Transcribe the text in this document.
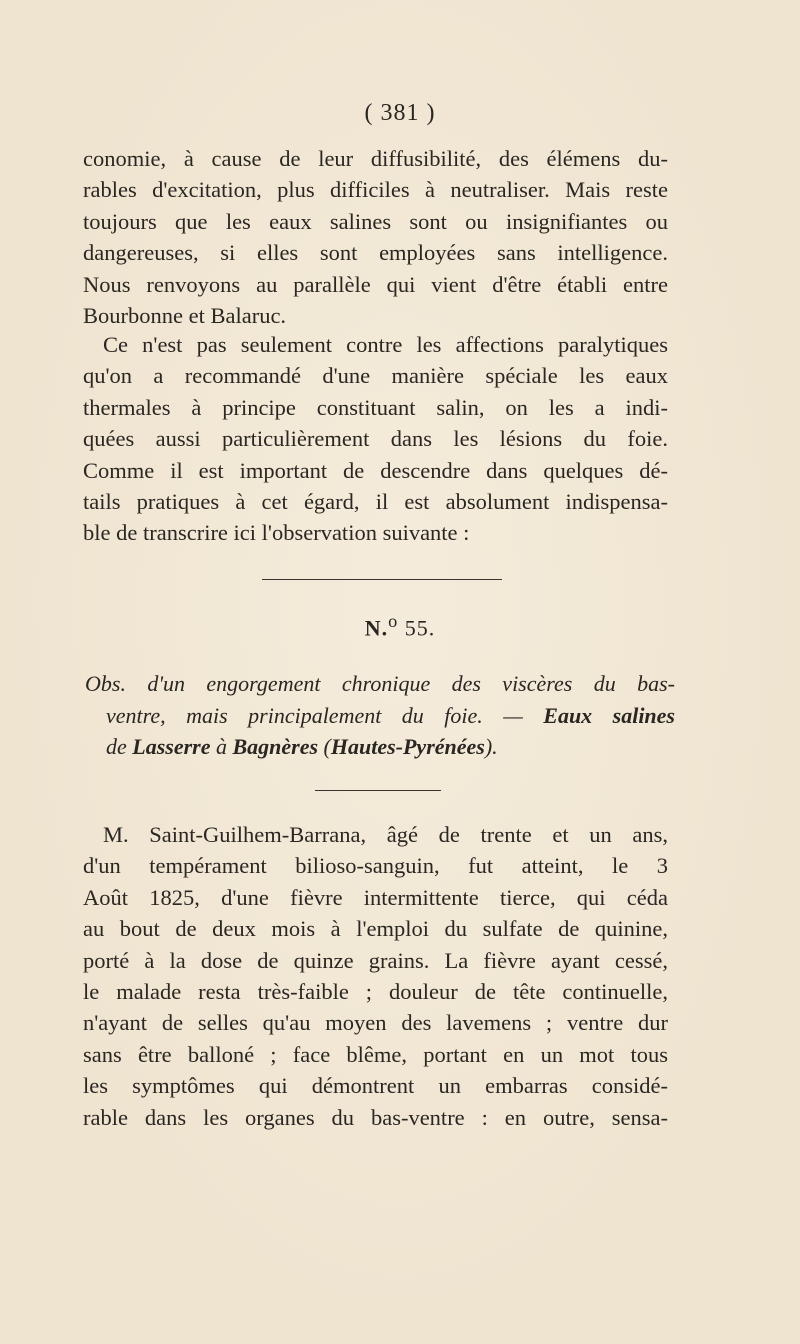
( 381 )
conomie, à cause de leur diffusibilité, des élémens du-
rables d'excitation, plus difficiles à neutraliser. Mais reste
toujours que les eaux salines sont ou insignifiantes ou
dangereuses, si elles sont employées sans intelligence.
Nous renvoyons au parallèle qui vient d'être établi entre
Bourbonne et Balaruc.
Ce n'est pas seulement contre les affections paralytiques
qu'on a recommandé d'une manière spéciale les eaux
thermales à principe constituant salin, on les a indi-
quées aussi particulièrement dans les lésions du foie.
Comme il est important de descendre dans quelques dé-
tails pratiques à cet égard, il est absolument indispensa-
ble de transcrire ici l'observation suivante :
N.$^o$ 55.
Obs. d'un engorgement chronique des viscères du bas-
ventre, mais principalement du foie. — Eaux salines
de Lasserre à Bagnères (Hautes-Pyrénées).
M. Saint-Guilhem-Barrana, âgé de trente et un ans,
d'un tempérament bilioso-sanguin, fut atteint, le 3
Août 1825, d'une fièvre intermittente tierce, qui céda
au bout de deux mois à l'emploi du sulfate de quinine,
porté à la dose de quinze grains. La fièvre ayant cessé,
le malade resta très-faible ; douleur de tête continuelle,
n'ayant de selles qu'au moyen des lavemens ; ventre dur
sans être balloné ; face blême, portant en un mot tous
les symptômes qui démontrent un embarras considé-
rable dans les organes du bas-ventre : en outre, sensa-
